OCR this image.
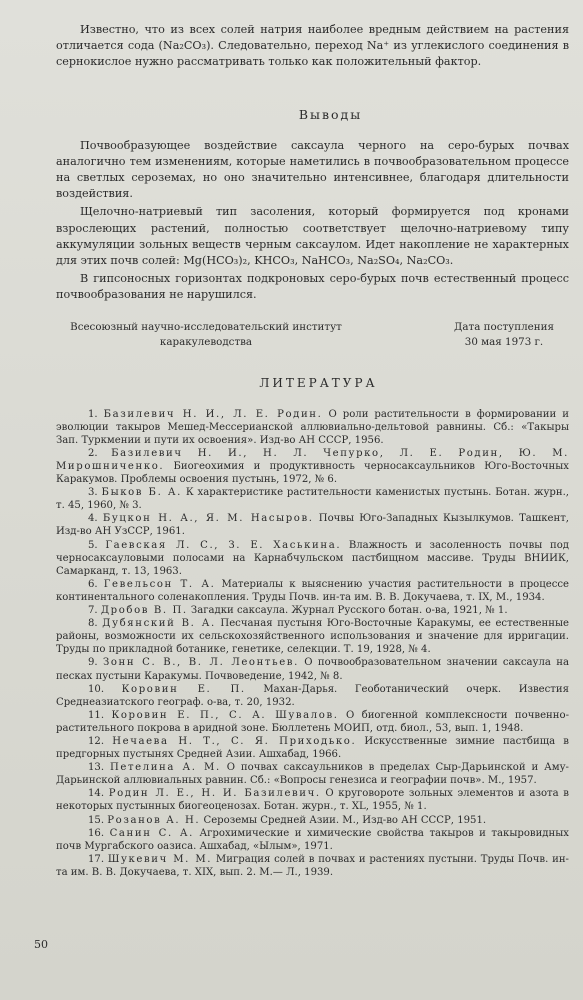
Известно, что из всех солей натрия наиболее вредным действием на растения отличается сода (Na₂CO₃). Следовательно, переход Na⁺ из углекислого соединения в сернокислое нужно рассматривать только как положительный фактор.

Выводы

Почвообразующее воздействие саксаула черного на серо-бурых почвах аналогично тем изменениям, которые наметились в почвообразовательном процессе на светлых сероземах, но оно значительно интенсивнее, благодаря длительности воздействия.

Щелочно-натриевый тип засоления, который формируется под кронами взрослеющих растений, полностью соответствует щелочно-натриевому типу аккумуляции зольных веществ черным саксаулом. Идет накопление не характерных для этих почв солей: Mg(HCO₃)₂, KHCO₃, NaHCO₃, Na₂SO₄, Na₂CO₃.

В гипсоносных горизонтах подкроновых серо-бурых почв естественный процесс почвообразования не нарушился.

Всесоюзный научно-исследовательский институт
каракулеводства
Дата поступления
30 мая 1973 г.
ЛИТЕРАТУРА

1. Базилевич Н. И., Л. Е. Родин. О роли растительности в формировании и эволюции такыров Мешед-Мессерианской аллювиально-дельтовой равнины. Сб.: «Такыры Зап. Туркмении и пути их освоения». Изд-во АН СССР, 1956.

2. Базилевич Н. И., Н. Л. Чепурко, Л. Е. Родин, Ю. М. Мирошниченко. Биогеохимия и продуктивность черносаксаульников Юго-Восточных Каракумов. Проблемы освоения пустынь, 1972, № 6.

3. Быков Б. А. К характеристике растительности каменистых пустынь. Ботан. журн., т. 45, 1960, № 3.

4. Буцкон Н. А., Я. М. Насыров. Почвы Юго-Западных Кызылкумов. Ташкент, Изд-во АН УзССР, 1961.

5. Гаевская Л. С., З. Е. Хаськина. Влажность и засоленность почвы под черносаксауловыми полосами на Карнабчульском пастбищном массиве. Труды ВНИИК, Самарканд, т. 13, 1963.

6. Гевельсон Т. А. Материалы к выяснению участия растительности в процессе континентального соленакопления. Труды Почв. ин-та им. В. В. Докучаева, т. IX, М., 1934.

7. Дробов В. П. Загадки саксаула. Журнал Русского ботан. о-ва, 1921, № 1.

8. Дубянский В. А. Песчаная пустыня Юго-Восточные Каракумы, ее естественные районы, возможности их сельскохозяйственного использования и значение для ирригации. Труды по прикладной ботанике, генетике, селекции. Т. 19, 1928, № 4.

9. Зонн С. В., В. Л. Леонтьев. О почвообразовательном значении саксаула на песках пустыни Каракумы. Почвоведение, 1942, № 8.

10. Коровин Е. П. Махан-Дарья. Геоботанический очерк. Известия Среднеазиатского географ. о-ва, т. 20, 1932.

11. Коровин Е. П., С. А. Шувалов. О биогенной комплексности почвенно-растительного покрова в аридной зоне. Бюллетень МОИП, отд. биол., 53, вып. 1, 1948.

12. Нечаева Н. Т., С. Я. Приходько. Искусственные зимние пастбища в предгорных пустынях Средней Азии. Ашхабад, 1966.

13. Петелина А. М. О почвах саксаульников в пределах Сыр-Дарьинской и Аму-Дарьинской аллювиальных равнин. Сб.: «Вопросы генезиса и географии почв». М., 1957.

14. Родин Л. Е., Н. И. Базилевич. О круговороте зольных элементов и азота в некоторых пустынных биогеоценозах. Ботан. журн., т. XL, 1955, № 1.

15. Розанов А. Н. Сероземы Средней Азии. М., Изд-во АН СССР, 1951.

16. Санин С. А. Агрохимические и химические свойства такыров и такыровидных почв Мургабского оазиса. Ашхабад, «Ылым», 1971.

17. Шукевич М. М. Миграция солей в почвах и растениях пустыни. Труды Почв. ин-та им. В. В. Докучаева, т. XIX, вып. 2. М.— Л., 1939.

50
